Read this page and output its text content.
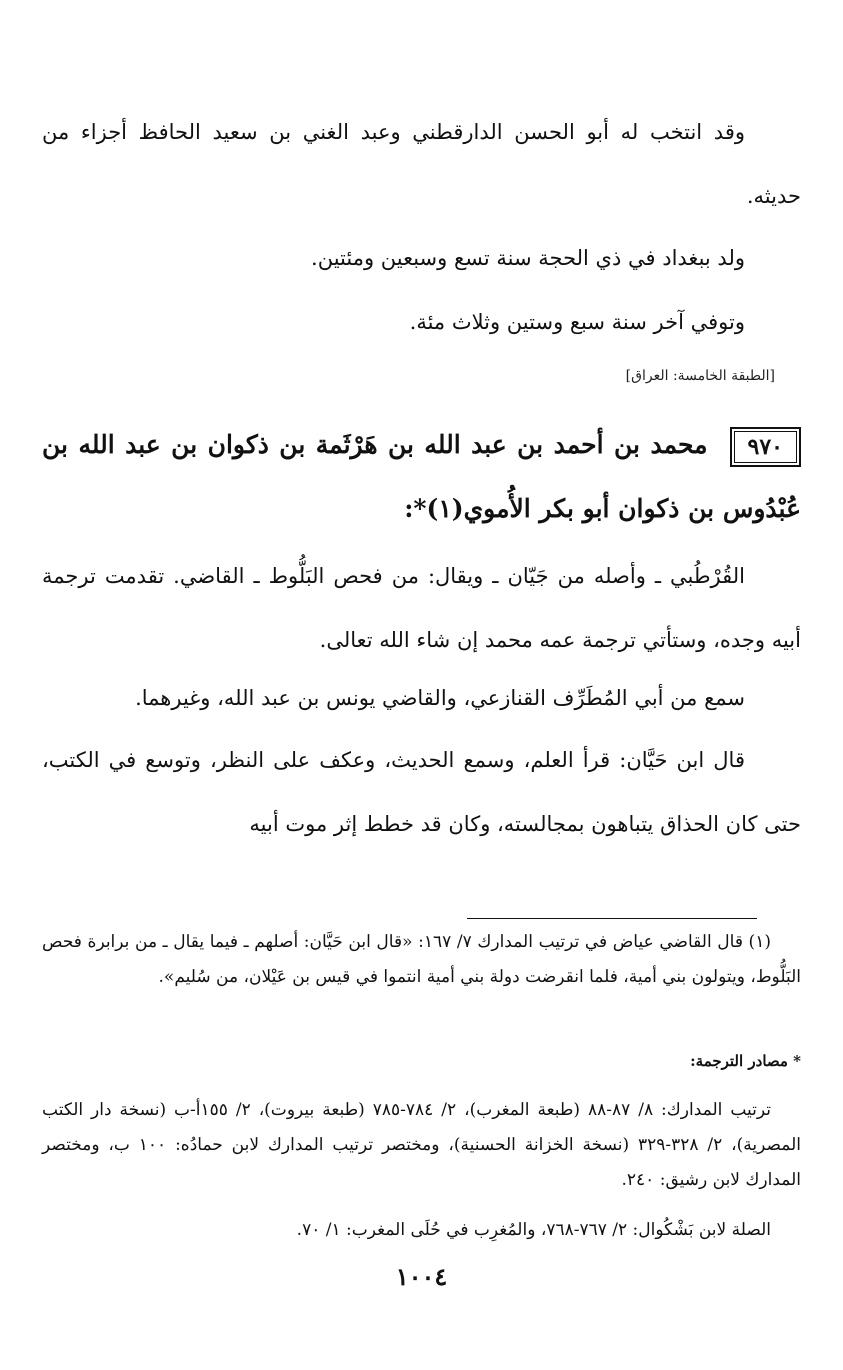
وقد انتخب له أبو الحسن الدارقطني وعبد الغني بن سعيد الحافظ أجزاء من حديثه.

ولد ببغداد في ذي الحجة سنة تسع وسبعين ومئتين.

وتوفي آخر سنة سبع وستين وثلاث مئة.

[الطبقة الخامسة: العراق]

٩٧٠محمد بن أحمد بن عبد الله بن هَرْثَمة بن ذكوان بن عبد الله بن عُبْدُوس بن ذكوان أبو بكر الأُموي(١)*:

القُرْطُبي ـ وأصله من جَيّان ـ ويقال: من فحص البَلُّوط ـ القاضي. تقدمت ترجمة أبيه وجده، وستأتي ترجمة عمه محمد إن شاء الله تعالى.

سمع من أبي المُطَرِّف القنازعي، والقاضي يونس بن عبد الله، وغيرهما.

قال ابن حَيَّان: قرأ العلم، وسمع الحديث، وعكف على النظر، وتوسع في الكتب، حتى كان الحذاق يتباهون بمجالسته، وكان قد خطط إثر موت أبيه

(١) قال القاضي عياض في ترتيب المدارك ٧/ ١٦٧: «قال ابن حَيَّان: أصلهم ـ فيما يقال ـ من برابرة فحص البَلُّوط، ويتولون بني أمية، فلما انقرضت دولة بني أمية انتموا في قيس بن عَيْلان، من سُليم».

* مصادر الترجمة:

ترتيب المدارك: ٨/ ٨٧-٨٨ (طبعة المغرب)، ٢/ ٧٨٤-٧٨٥ (طبعة بيروت)، ٢/ ١٥٥أ-ب (نسخة دار الكتب المصرية)، ٢/ ٣٢٨-٣٢٩ (نسخة الخزانة الحسنية)، ومختصر ترتيب المدارك لابن حمادُه: ١٠٠ ب، ومختصر المدارك لابن رشيق: ٢٤٠.

الصلة لابن بَشْكُوال: ٢/ ٧٦٧-٧٦٨، والمُغرِب في حُلَى المغرب: ١/ ٧٠.

١٠٠٤
